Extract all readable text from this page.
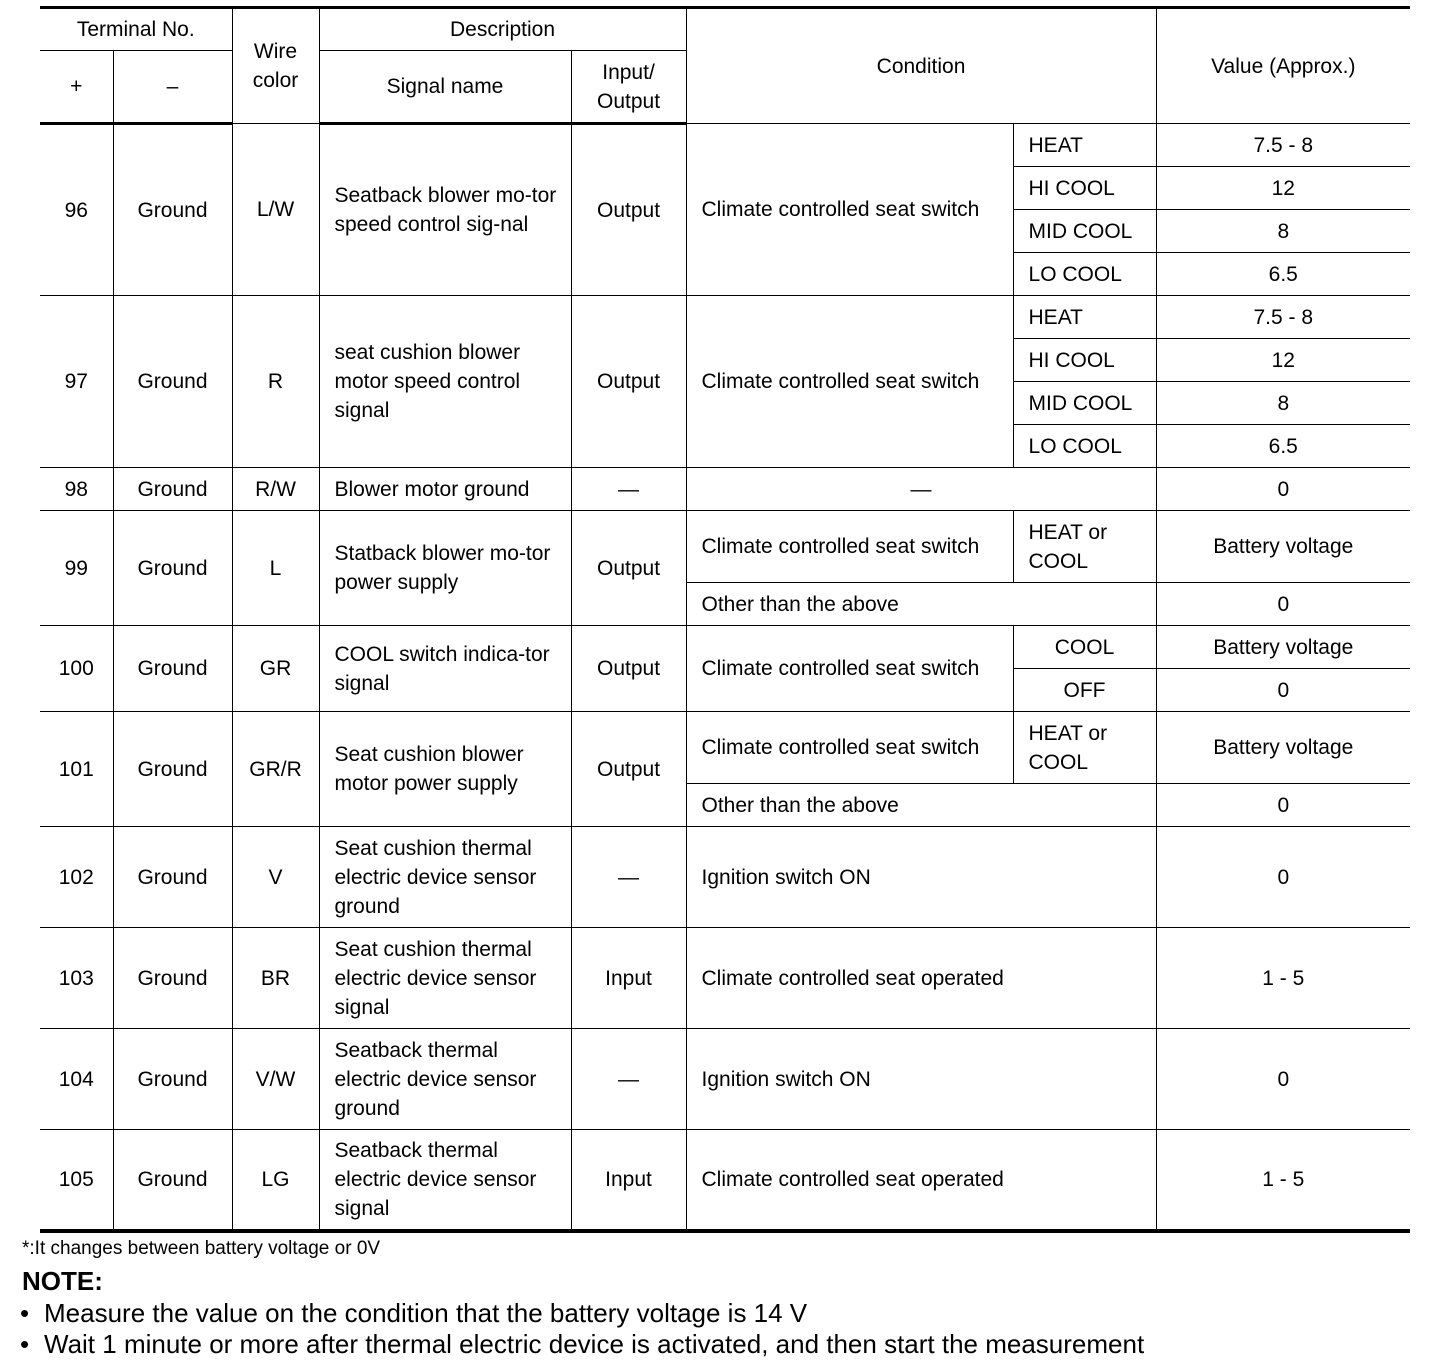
Terminal No.		Wire color	Description		Condition		Value (Approx.)
+	–		Signal name	Input/ Output			
96	Ground	L/W	Seatback blower mo-tor speed control sig-nal	Output	Climate controlled seat switch	HEAT	7.5 - 8
						HI COOL	12
						MID COOL	8
						LO COOL	6.5
97	Ground	R	seat cushion blower motor speed control signal	Output	Climate controlled seat switch	HEAT	7.5 - 8
						HI COOL	12
						MID COOL	8
						LO COOL	6.5
98	Ground	R/W	Blower motor ground	—	—		0
99	Ground	L	Statback blower mo-tor power supply	Output	Climate controlled seat switch	HEAT or COOL	Battery voltage
					Other than the above		0
100	Ground	GR	COOL switch indica-tor signal	Output	Climate controlled seat switch	COOL	Battery voltage
						OFF	0
101	Ground	GR/R	Seat cushion blower motor power supply	Output	Climate controlled seat switch	HEAT or COOL	Battery voltage
					Other than the above		0
102	Ground	V	Seat cushion thermal electric device sensor ground	—	Ignition switch ON		0
103	Ground	BR	Seat cushion thermal electric device sensor signal	Input	Climate controlled seat operated		1 - 5
104	Ground	V/W	Seatback thermal electric device sensor ground	—	Ignition switch ON		0
105	Ground	LG	Seatback thermal electric device sensor signal	Input	Climate controlled seat operated		1 - 5
*:It changes between battery voltage or 0V
NOTE:
• Measure the value on the condition that the battery voltage is 14 V
• Wait 1 minute or more after thermal electric device is activated, and then start the measurement
